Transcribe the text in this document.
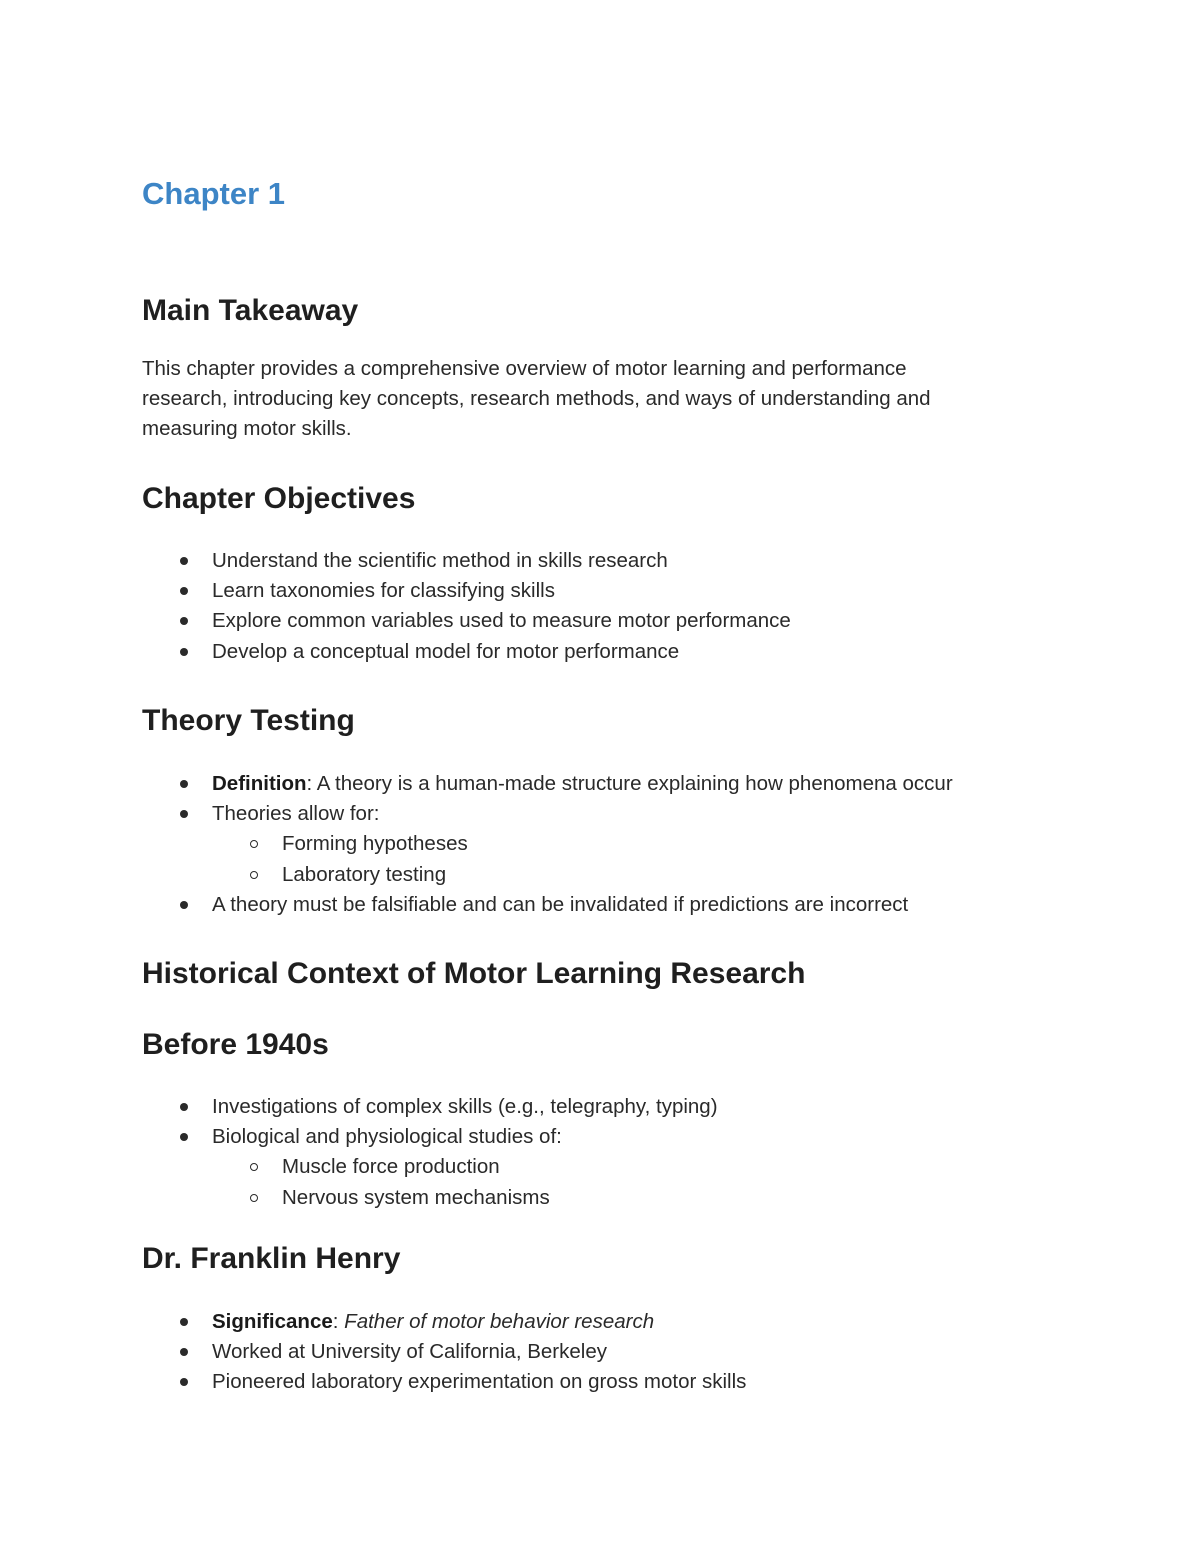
Chapter 1
Main Takeaway

This chapter provides a comprehensive overview of motor learning and performance
research, introducing key concepts, research methods, and ways of understanding and
measuring motor skills.

Chapter Objectives
Understand the scientific method in skills research
Learn taxonomies for classifying skills
Explore common variables used to measure motor performance
Develop a conceptual model for motor performance
Theory Testing
Definition: A theory is a human-made structure explaining how phenomena occur
Theories allow for:
Forming hypotheses
Laboratory testing
A theory must be falsifiable and can be invalidated if predictions are incorrect
Historical Context of Motor Learning Research
Before 1940s
Investigations of complex skills (e.g., telegraphy, typing)
Biological and physiological studies of:
Muscle force production
Nervous system mechanisms
Dr. Franklin Henry
Significance: Father of motor behavior research
Worked at University of California, Berkeley
Pioneered laboratory experimentation on gross motor skills
